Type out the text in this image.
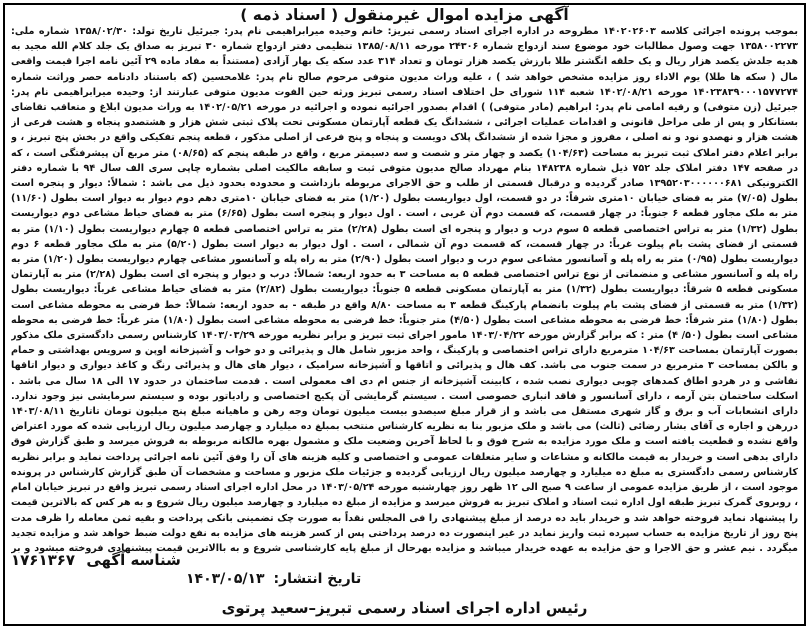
آگهی مزایده اموال غیرمنقول ( اسناد ذمه )
بموجب پرونده اجرائی کلاسه ۱۴۰۲۰۲۶۰۳ مطروحه در اداره اجرای اسناد رسمی تبریز: خانم وحیده میرابراهیمی نام پدر: جبرئیل تاریخ تولد: ۱۳۵۸/۰۲/۳۰ شماره ملی: ۱۳۵۸۰۰۲۲۷۳ جهت وصول مطالبات خود موضوع سند ازدواج شماره ۲۴۳۰۶ مورخه ۱۳۸۵/۰۸/۱۱ تنظیمی دفتر ازدواج شماره ۳۰ تبریز به صداق یک جلد کلام الله مجید به هدیه جلدش یکصد هزار ریال و یک حلقه انگشتر طلا بارزش یکصد هزار تومان و تعداد ۳۱۴ عدد سکه یک بهار آزادی (مستنداً به مفاد ماده ۲۹ آئین نامه اجرا قیمت واقعی مال ( سکه ها طلا) یوم الاداء روز مزایده مشخص خواهد شد ) ، علیه وراث مدیون متوفی مرحوم صالح نام پدر: غلامحسین (که باستناد دادنامه حصر وراثت شماره ۱۴۰۲۳۸۳۹۰۰۰۱۵۷۷۲۷۴ مورخه ۱۴۰۲/۰۸/۲۱ شعبه ۱۱۴ شورای حل اختلاف اسناد رسمی تبریز ورثه حین الفوت مدیون متوفی عبارتند از: وحیده میرابراهیمی نام پدر: جبرئیل (زن متوفی) و رقیه امامی نام پدر: ابراهیم (مادر متوفی) ) اقدام بصدور اجرائیه نموده و اجرائیه در مورخه ۱۴۰۲/۰۵/۲۱ به وراث مدیون ابلاغ و متعاقب تقاضای بستانکار و پس از طی مراحل قانونی و اقدامات عملیات اجرائی ، ششدانگ یک قطعه آپارتمان مسکونی تحت پلاک ثبتی شش هزار و هشتصدو پنجاه و هشت فرعی از هشت هزار و نهصدو نود و نه اصلی ، مفروز و مجزا شده از ششدانگ پلاک دویست و پنجاه و پنج فرعی از اصلی مذکور ، قطعه پنجم تفکیکی واقع در بخش پنج تبریز ، و برابر اعلام دفتر املاک ثبت تبریز به مساحت (۱۰۴/۶۳) یکصد و چهار متر و شصت و سه دسیمتر مربع ، واقع در طبقه پنجم که (۰۸/۶۵) متر مربع آن پیشرفتگی است ، که در صفحه ۱۴۷ دفتر املاک جلد ۷۵۲ ذیل شماره ۱۴۸۲۳۸ بنام مهرداد صالح مدیون متوفی ثبت و سابقه مالکیت اصلی بشماره چاپی سری الف سال ۹۴ با شماره دفتر الکترونیکی ۱۳۹۵۲۰۳۰۰۰۰۰۰۶۸۱ صادر گردیده و درقبال قسمتی از طلب و حق الاجرای مربوطه بازداشت و محدوده بحدود ذیل می باشد : شمالاً: دیوار و پنجره است بطول (۷/۰۵) متر به فضای خیابان ۱۰متری شرقاً: در دو قسمت، اول دیواریست بطول (۱/۲۰) متر به فضای خیابان ۱۰متری دهم دوم دیوار به دیوار است بطول (۱۱/۶۰) متر به ملک مجاور قطعه ۶ جنوباً: در چهار قسمت، که قسمت دوم آن غربی ، است . اول دیوار و پنجره است بطول (۶/۶۵) متر به فضای حیاط مشاعی دوم دیواریست بطول (۱/۳۲) متر به تراس اختصاصی قطعه ۵ سوم درب و دیوار و پنجره ای است بطول (۲/۲۸) متر به تراس اختصاصی قطعه ۵ چهارم دیواریست بطول (۱/۱۰) متر به قسمتی از فضای پشت بام پیلوت غرباً: در چهار قسمت، که قسمت دوم آن شمالی ، است . اول دیوار به دیوار است بطول (۵/۲۰) متر به ملک مجاور قطعه ۶ دوم دیواریست بطول (۰/۹۵) متر به راه پله و آسانسور مشاعی سوم درب و دیوار است بطول (۲/۹۰) متر به راه پله و آسانسور مشاعی چهارم دیواریست بطول (۱/۲۰) متر به راه پله و آسانسور مشاعی و منضماتی از نوع تراس اختصاصی قطعه ۵ به مساحت ۳ به حدود اربعه: شمالاً: درب و دیوار و پنجره ای است بطول (۲/۲۸) متر به آپارتمان مسکونی قطعه ۵ شرقاً: دیواریست بطول (۱/۳۲) متر به آپارتمان مسکونی قطعه ۵ جنوباً: دیواریست بطول (۲/۸۲) متر به فضای حیاط مشاعی غرباً: دیواریست بطول (۱/۳۲) متر به قسمتی از فضای پشت بام پیلوت بانضمام پارکینگ قطعه ۳ به مساحت ۸/۸۰ واقع در طبقه - به حدود اربعه: شمالاً: خط فرضی به محوطه مشاعی است بطول (۱/۸۰) متر شرقاً: خط فرضی به محوطه مشاعی است بطول (۴/۵۰) متر جنوباً: خط فرضی به محوطه مشاعی است بطول (۱/۸۰) متر غرباً: خط فرضی به محوطه مشاعی است بطول (۵۰/ ۴) متر : که برابر گزارش مورخه ۱۴۰۳/۰۴/۲۲ مامور اجرای ثبت تبریز و برابر نظریه مورخه ۱۴۰۳/۰۳/۲۹ کارشناس رسمی دادگستری ملک مذکور بصورت آپارتمان بمساحت ۱۰۴/۶۳ مترمربع دارای تراس اختصاصی و پارکینگ ، واحد مزبور شامل هال و پذیرائی و دو خواب و آشپزخانه اوپن و سرویس بهداشتی و حمام و بالکن بمساحت ۳ مترمربع در سمت جنوب می باشد. کف هال و پذیرائی و اتاقها و آشپزخانه سرامیک ، دیوار های هال و پذیرائی رنگ و کاغذ دیواری و دیوار اتاقها نقاشی و در هردو اطاق کمدهای چوبی دیواری نصب شده ، کابینت آشپزخانه از جنس ام دی اف معمولی است . قدمت ساختمان در حدود ۱۷ الی ۱۸ سال می باشد . اسکلت ساختمان بتن آرمه ، دارای آسانسور و فاقد انباری خصوصی است . سیستم گرمایشی آن پکیج اختصاصی و رادیاتور بوده و سیستم سرمایشی نیز وجود ندارد. دارای انشعابات آب و برق و گاز شهری مستقل می باشد و از قرار مبلغ سیصدو بیست میلیون تومان وجه رهن و ماهیانه مبلغ پنج میلیون تومان تاتاریخ ۱۴۰۳/۰۸/۱۱ دررهن و اجاره ی آقای بشار رضائی (ثالث) می باشد و ملک مزبور بنا به نظریه کارشناس منتخب بمبلغ ده میلیارد و چهارصد میلیون ریال ارزیابی شده که مورد اعتراض واقع نشده و قطعیت یافته است و ملک مورد مزایده به شرح فوق و با لحاظ آخرین وضعیت ملک و مشمول بهره مالکانه مربوطه به فروش میرسد و طبق گزارش فوق دارای بدهی است و خریدار به قیمت مالکانه و مشاعات و سایر متعلقات عمومی و اختصاصی و کلیه هزینه های آن را وفق آئین نامه اجرائی پرداخت نماید و برابر نظریه کارشناس رسمی دادگستری به مبلغ ده میلیارد و چهارصد میلیون ریال ارزیابی گردیده و جزئیات ملک مزبور و مساحت و مشخصات آن طبق گزارش کارشناس در پرونده موجود است ، از طریق مزایده عمومی از ساعت ۹ صبح الی ۱۲ ظهر روز چهارشنبه مورخه ۱۴۰۳/۰۵/۲۴ در محل اداره اجرای اسناد رسمی تبریز واقع در تبریز خیابان امام ، روبروی گمرک تبریز طبقه اول اداره ثبت اسناد و املاک تبریز به فروش میرسد و مزایده از مبلغ ده میلیارد و چهارصد میلیون ریال شروع و به هر کس که بالاترین قیمت را پیشنهاد نماید فروخته خواهد شد و خریدار باید ده درصد از مبلغ پیشنهادی را فی المجلس نقداً به صورت چک تضمینی بانکی پرداخت و بقیه ثمن معامله را ظرف مدت پنج روز از تاریخ مزایده به حساب سپرده ثبت واریز نماید در غیر اینصورت ده درصد پرداختی پس از کسر هزینه های مزایده به نفع دولت ضبط خواهد شد و مزایده تجدید میگردد . نیم عشر و حق الاجرا و حق مزایده به عهده خریدار میباشد و مزایده بهرحال از مبلغ پایه کارشناسی شروع و به باالاترین قیمت پیشنهادی فروخته میشود و بر
شناسه آگهی ۱۷۶۱۳۶۷
تاریخ انتشار: ۱۴۰۳/۰۵/۱۳
رئیس اداره اجرای اسناد رسمی تبریز–سعید پرتوی
